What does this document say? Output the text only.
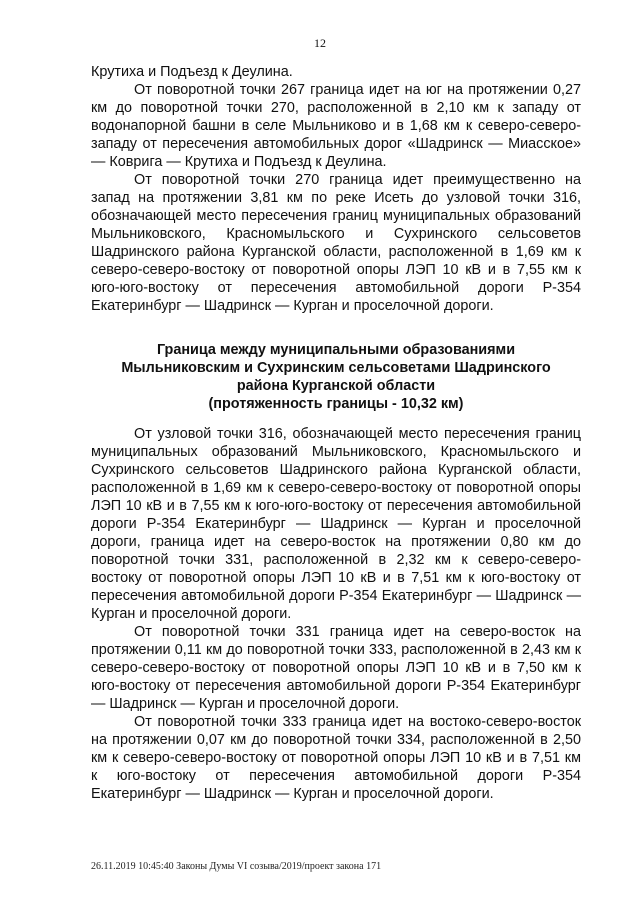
12

Крутиха и Подъезд к Деулина.

От поворотной точки 267 граница идет на юг на протяжении 0,27 км до поворотной точки 270, расположенной в 2,10 км к западу от водонапорной башни в селе Мыльниково и в 1,68 км к северо-северо-западу от пересечения автомобильных дорог «Шадринск — Миасское» — Коврига — Крутиха и Подъезд к Деулина.

От поворотной точки 270 граница идет преимущественно на запад на протяжении 3,81 км по реке Исеть до узловой точки 316, обозначающей место пересечения границ муниципальных образований Мыльниковского, Красномыльского и Сухринского сельсоветов Шадринского района Курганской области, расположенной в 1,69 км к северо-северо-востоку от поворотной опоры ЛЭП 10 кВ и в 7,55 км к юго-юго-востоку от пересечения автомобильной дороги Р-354 Екатеринбург — Шадринск — Курган и проселочной дороги.

Граница между муниципальными образованиями
Мыльниковским и Сухринским сельсоветами Шадринского
района Курганской области
(протяженность границы - 10,32 км)

От узловой точки 316, обозначающей место пересечения границ муниципальных образований Мыльниковского, Красномыльского и Сухринского сельсоветов Шадринского района Курганской области, расположенной в 1,69 км к северо-северо-востоку от поворотной опоры ЛЭП 10 кВ и в 7,55 км к юго-юго-востоку от пересечения автомобильной дороги Р-354 Екатеринбург — Шадринск — Курган и проселочной дороги, граница идет на северо-восток на протяжении 0,80 км до поворотной точки 331, расположенной в 2,32 км к северо-северо-востоку от поворотной опоры ЛЭП 10 кВ и в 7,51 км к юго-востоку от пересечения автомобильной дороги Р-354 Екатеринбург — Шадринск — Курган и проселочной дороги.

От поворотной точки 331 граница идет на северо-восток на протяжении 0,11 км до поворотной точки 333, расположенной в 2,43 км к северо-северо-востоку от поворотной опоры ЛЭП 10 кВ и в 7,50 км к юго-востоку от пересечения автомобильной дороги Р-354 Екатеринбург — Шадринск — Курган и проселочной дороги.

От поворотной точки 333 граница идет на востоко-северо-восток на протяжении 0,07 км до поворотной точки 334, расположенной в 2,50 км к северо-северо-востоку от поворотной опоры ЛЭП 10 кВ и в 7,51 км к юго-востоку от пересечения автомобильной дороги Р-354 Екатеринбург — Шадринск — Курган и проселочной дороги.

26.11.2019 10:45:40 Законы Думы VI созыва/2019/проект закона 171
